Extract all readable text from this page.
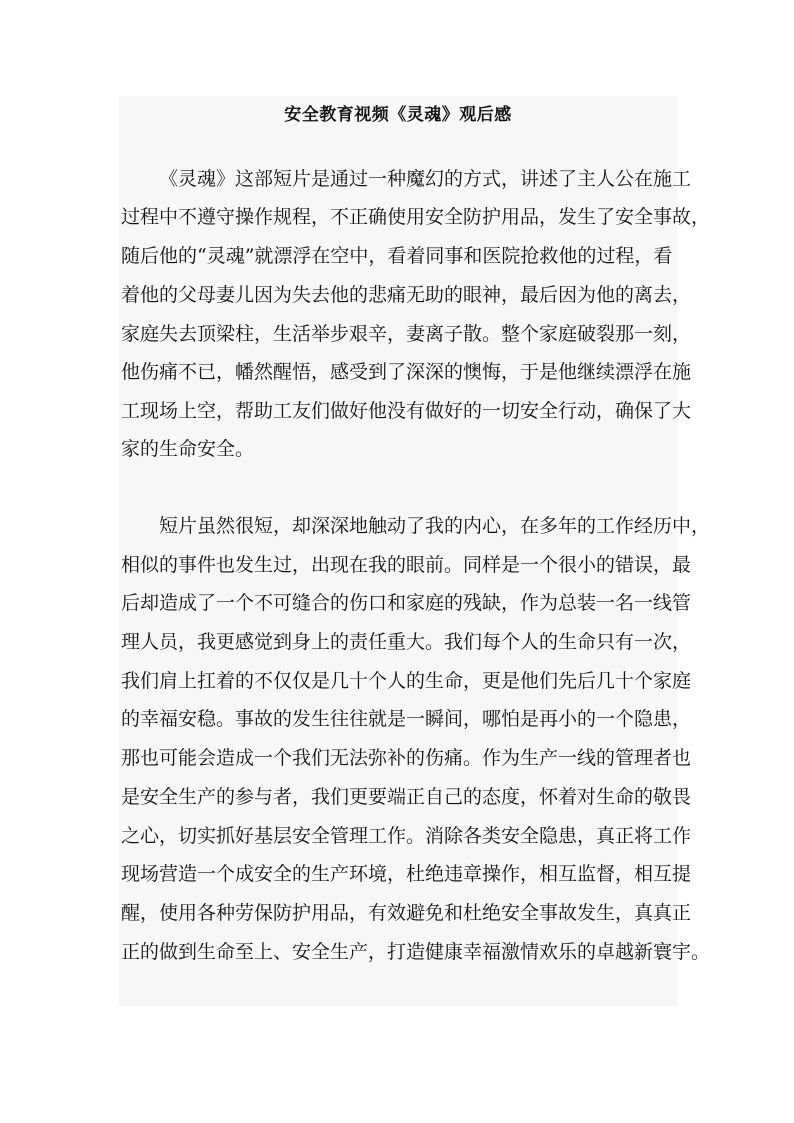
安全教育视频《灵魂》观后感
《灵魂》这部短片是通过一种魔幻的方式，讲述了主人公在施工
过程中不遵守操作规程，不正确使用安全防护用品，发生了安全事故，
随后他的“灵魂”就漂浮在空中，看着同事和医院抢救他的过程，看
着他的父母妻儿因为失去他的悲痛无助的眼神，最后因为他的离去，
家庭失去顶梁柱，生活举步艰辛，妻离子散。整个家庭破裂那一刻，
他伤痛不已，幡然醒悟，感受到了深深的懊悔，于是他继续漂浮在施
工现场上空，帮助工友们做好他没有做好的一切安全行动，确保了大
家的生命安全。
短片虽然很短，却深深地触动了我的内心，在多年的工作经历中，
相似的事件也发生过，出现在我的眼前。同样是一个很小的错误，最
后却造成了一个不可缝合的伤口和家庭的残缺，作为总装一名一线管
理人员，我更感觉到身上的责任重大。我们每个人的生命只有一次，
我们肩上扛着的不仅仅是几十个人的生命，更是他们先后几十个家庭
的幸福安稳。事故的发生往往就是一瞬间，哪怕是再小的一个隐患，
那也可能会造成一个我们无法弥补的伤痛。作为生产一线的管理者也
是安全生产的参与者，我们更要端正自己的态度，怀着对生命的敬畏
之心，切实抓好基层安全管理工作。消除各类安全隐患，真正将工作
现场营造一个成安全的生产环境，杜绝违章操作，相互监督，相互提
醒，使用各种劳保防护用品，有效避免和杜绝安全事故发生，真真正
正的做到生命至上、安全生产，打造健康幸福激情欢乐的卓越新寰宇。
